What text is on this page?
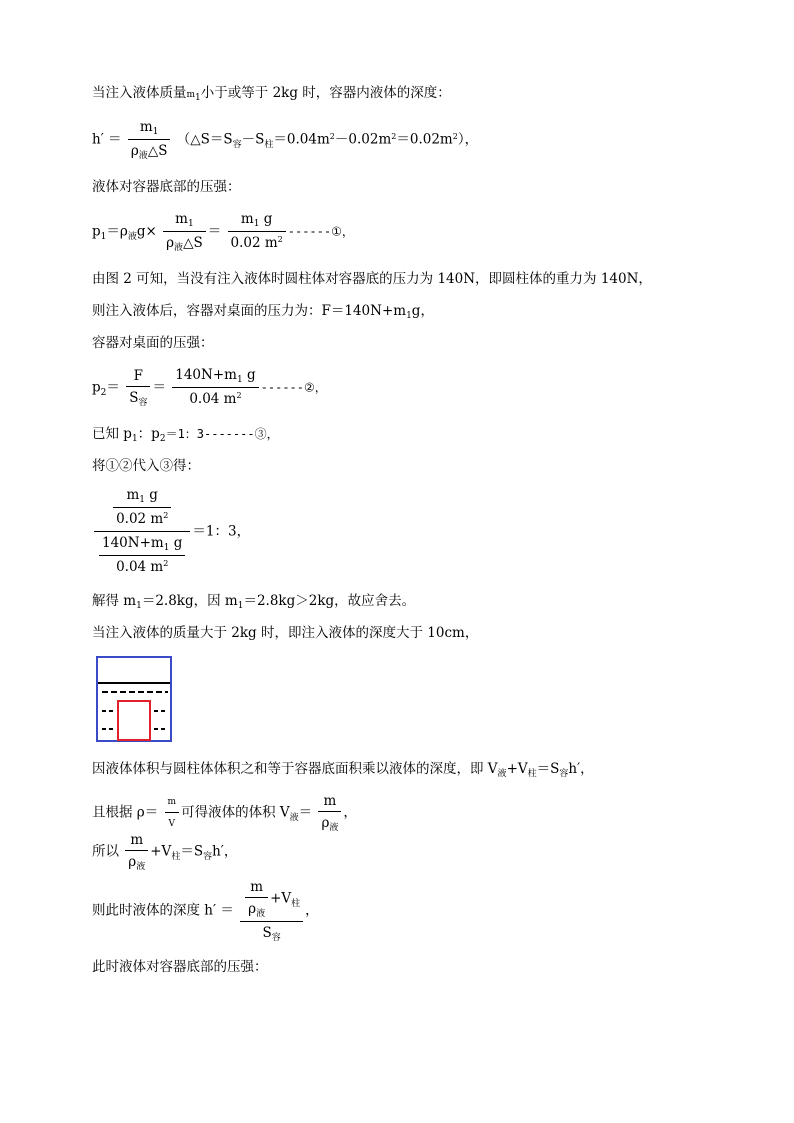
当注入液体质量$m_1$小于或等于 2kg 时，容器内液体的深度：
$h' = \frac{m_1}{\rho_液\triangle S}$ $(\triangle S=S_容-S_柱=0.04m^2-0.02m^2=0.02m^2)$，
液体对容器底部的压强：
$p_1=\rho_液g\times \frac{m_1}{\rho_液\triangle S} = \frac{m_1 g}{0.02 m^2}$ ------①，
由图 2 可知，当没有注入液体时圆柱体对容器底的压力为 140N，即圆柱体的重力为 140N，
则注入液体后，容器对桌面的压力为：$F=140N+m_1g$，
容器对桌面的压强：
$p_2= \frac{F}{S_容} = \frac{140N+m_1 g}{0.04 m^2}$ ------②，
已知 $p_1$：$p_2=1$：3-------③，
将①②代入③得：
$\frac{\frac{m_1 g}{0.02 m^2}}{\frac{140N+m_1 g}{0.04 m^2}} =1$：3，
解得 $m_1=2.8kg$，因 $m_1=2.8kg>2kg$，故应舍去。
当注入液体的质量大于 2kg 时，即注入液体的深度大于 10cm，
因液体体积与圆柱体体积之和等于容器底面积乘以液体的深度，即 $V_液+V_柱=S_容h'$，
且根据 $\rho= \frac{m}{V}$ 可得液体的体积 $V_液= \frac{m}{\rho_液}$ ，
所以 $\frac{m}{\rho_液} +V_柱=S_容h'$，
则此时液体的深度 $h' = \frac{\frac{m}{\rho_液} +V_柱}{S_容}$ ，
此时液体对容器底部的压强：
